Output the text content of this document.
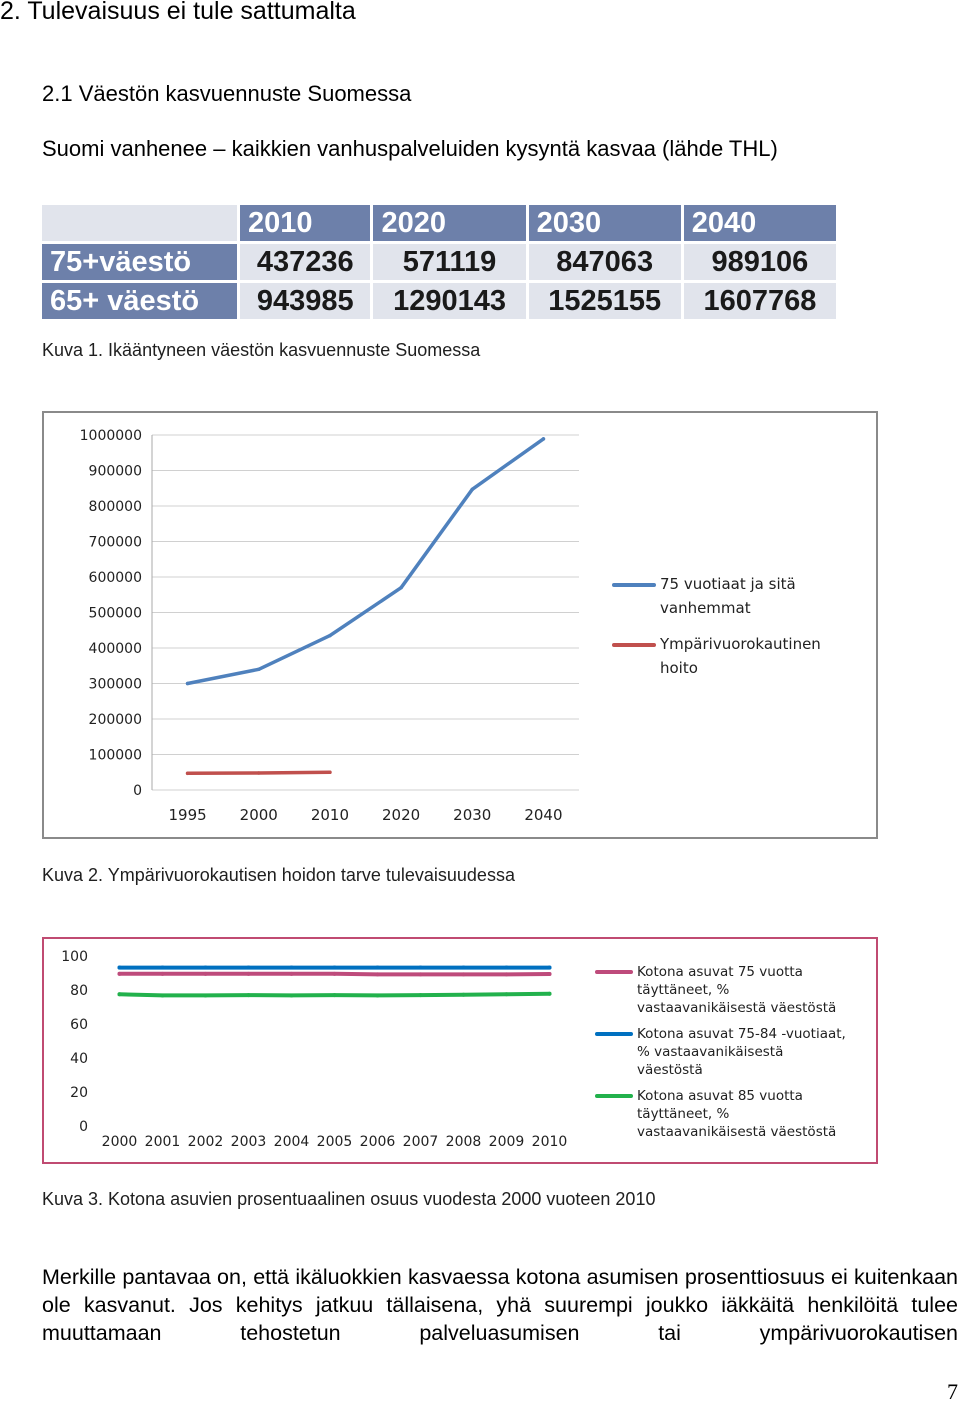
2. Tulevaisuus ei tule sattumalta
2.1 Väestön kasvuennuste Suomessa
Suomi vanhenee – kaikkien vanhuspalveluiden kysyntä kasvaa (lähde THL)
	2010	2020	2030	2040
75+väestö	437236	571119	847063	989106
65+ väestö	943985	1290143	1525155	1607768
Kuva 1. Ikääntyneen väestön kasvuennuste Suomessa
1000000
900000
800000
700000
600000
500000
400000
300000
200000
100000
0
1995 2000 2010 2020 2030 2040
75 vuotiaat ja sitä
vanhemmat
Ympärivuorokautinen
hoito
Kuva 2. Ympärivuorokautisen hoidon tarve tulevaisuudessa
100
80
60
40
20
0
2000 2001 2002 2003 2004 2005 2006 2007 2008 2009 2010
Kotona asuvat 75 vuotta
täyttäneet, %
vastaavanikäisestä väestöstä
Kotona asuvat 75-84 -vuotiaat,
% vastaavanikäisestä
väestöstä
Kotona asuvat 85 vuotta
täyttäneet, %
vastaavanikäisestä väestöstä
Kuva 3. Kotona asuvien prosentuaalinen osuus vuodesta 2000 vuoteen 2010
Merkille pantavaa on, että ikäluokkien kasvaessa kotona asumisen prosenttiosuus ei kuitenkaan ole kasvanut. Jos kehitys jatkuu tällaisena, yhä suurempi joukko iäkkäitä henkilöitä tulee muuttamaan tehostetun palveluasumisen tai ympärivuorokautisen
7
